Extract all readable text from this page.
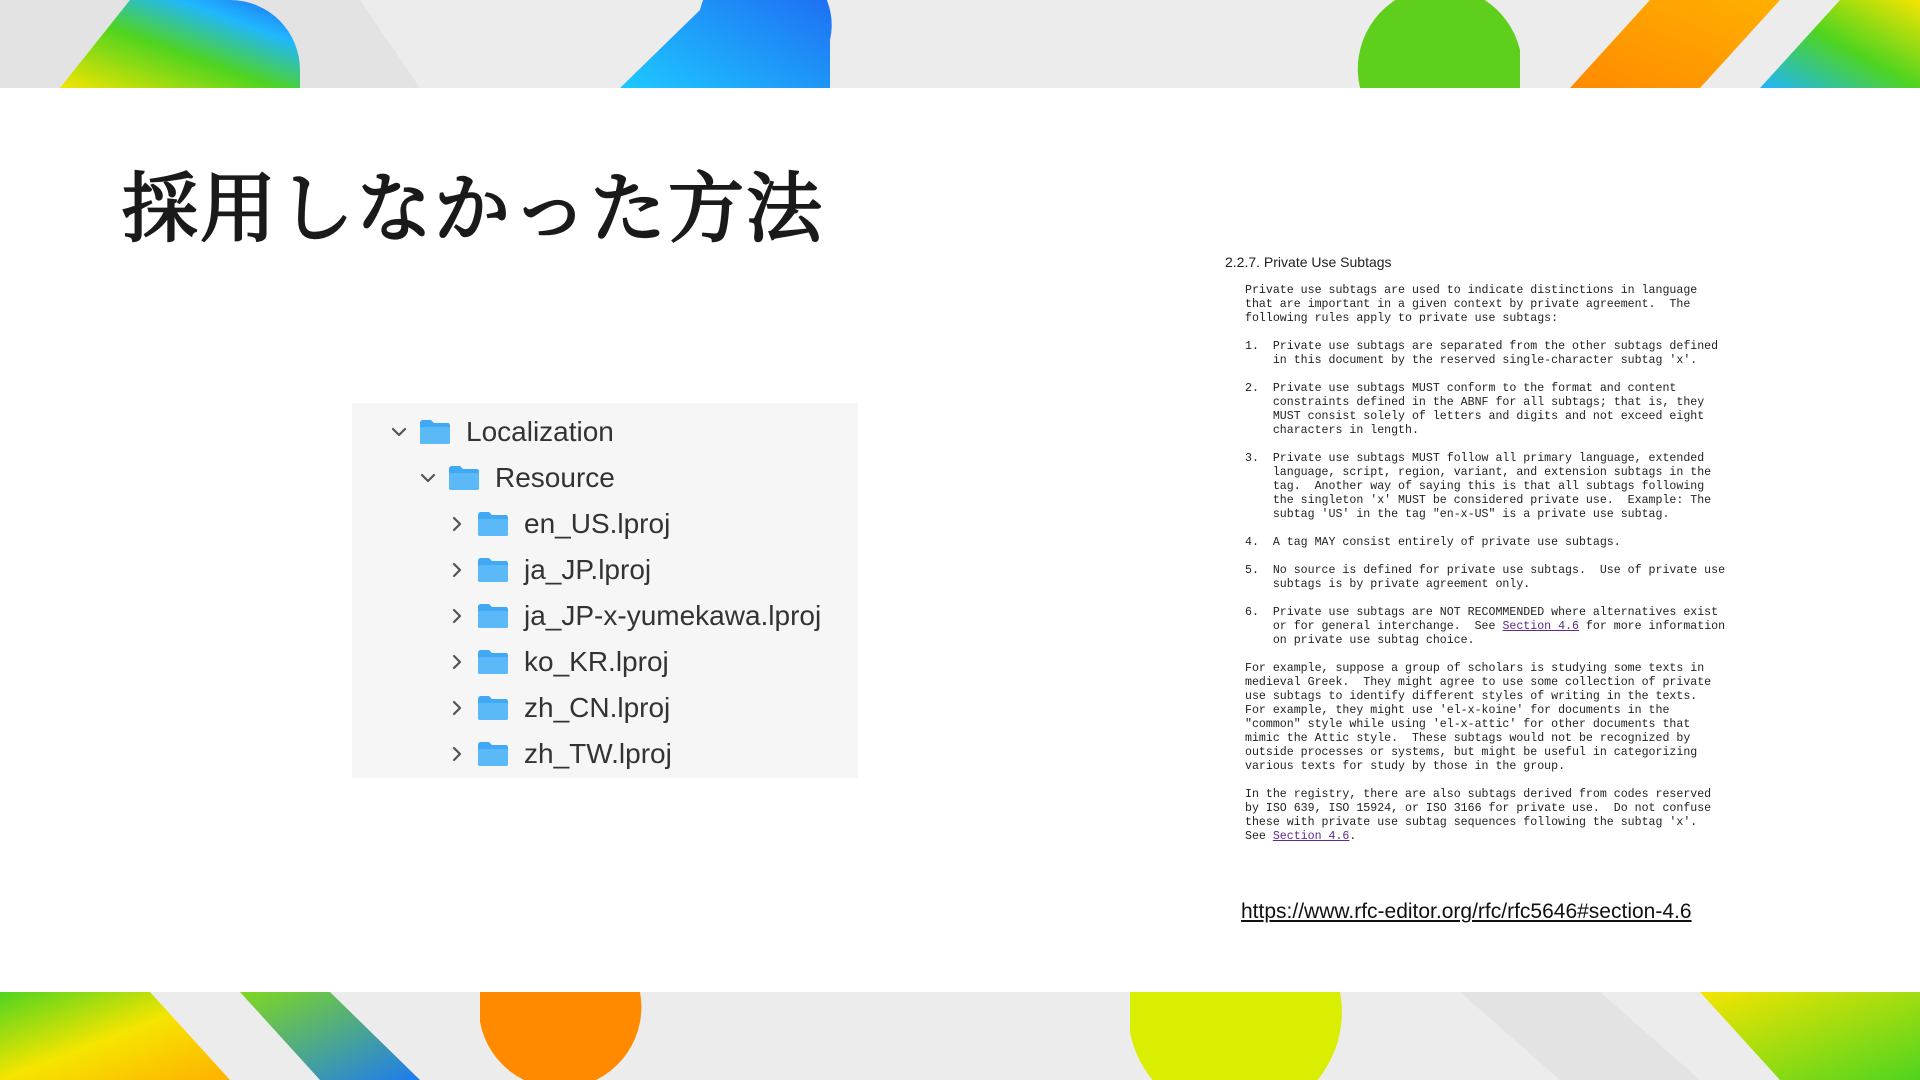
採用しなかった方法
Localization
Resource
en_US.lproj
ja_JP.lproj
ja_JP-x-yumekawa.lproj
ko_KR.lproj
zh_CN.lproj
zh_TW.lproj
2.2.7. Private Use Subtags

Private use subtags are used to indicate distinctions in language
that are important in a given context by private agreement.  The
following rules apply to private use subtags:

1.  Private use subtags are separated from the other subtags defined
in this document by the reserved single-character subtag 'x'.

2.  Private use subtags MUST conform to the format and content
constraints defined in the ABNF for all subtags; that is, they
MUST consist solely of letters and digits and not exceed eight
characters in length.

3.  Private use subtags MUST follow all primary language, extended
language, script, region, variant, and extension subtags in the
tag.  Another way of saying this is that all subtags following
the singleton 'x' MUST be considered private use.  Example: The
subtag 'US' in the tag "en-x-US" is a private use subtag.

4.  A tag MAY consist entirely of private use subtags.

5.  No source is defined for private use subtags.  Use of private use
subtags is by private agreement only.

6.  Private use subtags are NOT RECOMMENDED where alternatives exist
or for general interchange.  See Section 4.6 for more information
on private use subtag choice.

For example, suppose a group of scholars is studying some texts in
medieval Greek.  They might agree to use some collection of private
use subtags to identify different styles of writing in the texts.
For example, they might use 'el-x-koine' for documents in the
"common" style while using 'el-x-attic' for other documents that
mimic the Attic style.  These subtags would not be recognized by
outside processes or systems, but might be useful in categorizing
various texts for study by those in the group.

In the registry, there are also subtags derived from codes reserved
by ISO 639, ISO 15924, or ISO 3166 for private use.  Do not confuse
these with private use subtag sequences following the subtag 'x'.
See Section 4.6.

https://www.rfc-editor.org/rfc/rfc5646#section-4.6
